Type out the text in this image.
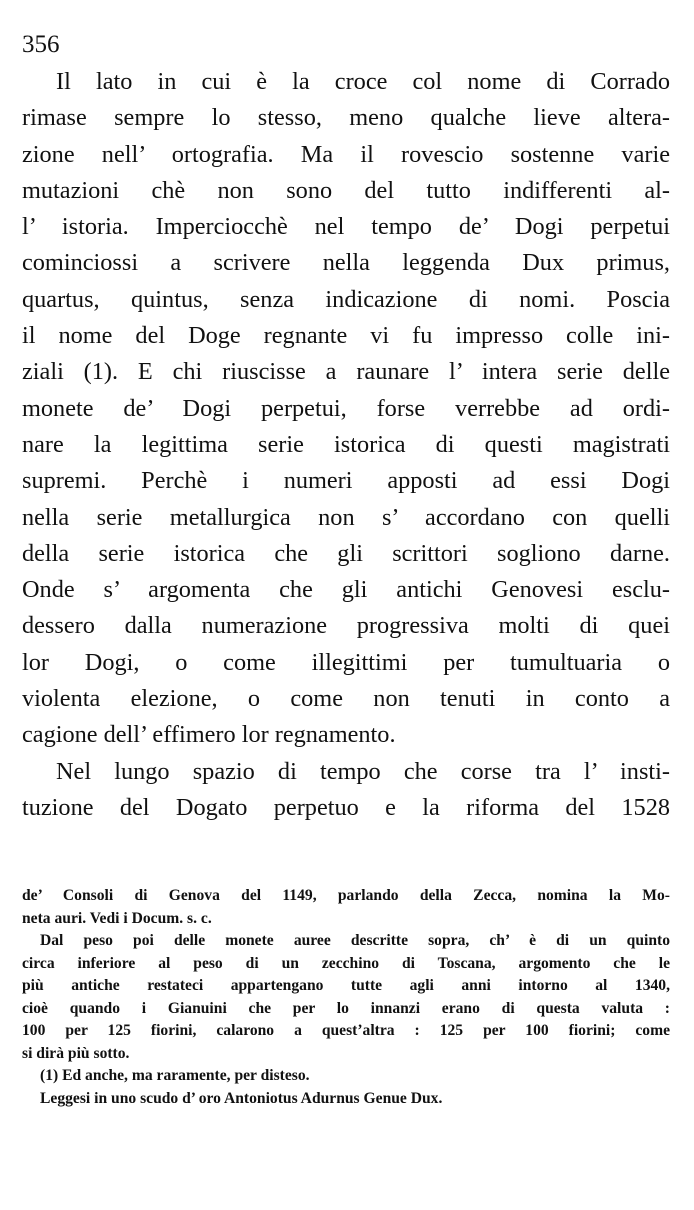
356
Il lato in cui è la croce col nome di Corrado
rimase sempre lo stesso, meno qualche lieve altera-
zione nell’ ortografia. Ma il rovescio sostenne varie
mutazioni chè non sono del tutto indifferenti al-
l’ istoria. Imperciocchè nel tempo de’ Dogi perpetui
cominciossi a scrivere nella leggenda Dux primus,
quartus, quintus, senza indicazione di nomi. Poscia
il nome del Doge regnante vi fu impresso colle ini-
ziali (1). E chi riuscisse a raunare l’ intera serie delle
monete de’ Dogi perpetui, forse verrebbe ad ordi-
nare la legittima serie istorica di questi magistrati
supremi. Perchè i numeri apposti ad essi Dogi
nella serie metallurgica non s’ accordano con quelli
della serie istorica che gli scrittori sogliono darne.
Onde s’ argomenta che gli antichi Genovesi esclu-
dessero dalla numerazione progressiva molti di quei
lor Dogi, o come illegittimi per tumultuaria o
violenta elezione, o come non tenuti in conto a
cagione dell’ effimero lor regnamento.
Nel lungo spazio di tempo che corse tra l’ insti-
tuzione del Dogato perpetuo e la riforma del 1528
de’ Consoli di Genova del 1149, parlando della Zecca, nomina la Mo-
neta auri. Vedi i Docum. s. c.
Dal peso poi delle monete auree descritte sopra, ch’ è di un quinto
circa inferiore al peso di un zecchino di Toscana, argomento che le
più antiche restateci appartengano tutte agli anni intorno al 1340,
cioè quando i Gianuini che per lo innanzi erano di questa valuta :
100 per 125 fiorini, calarono a quest’altra : 125 per 100 fiorini; come
si dirà più sotto.
(1) Ed anche, ma raramente, per disteso.
Leggesi in uno scudo d’ oro Antoniotus Adurnus Genue Dux.
